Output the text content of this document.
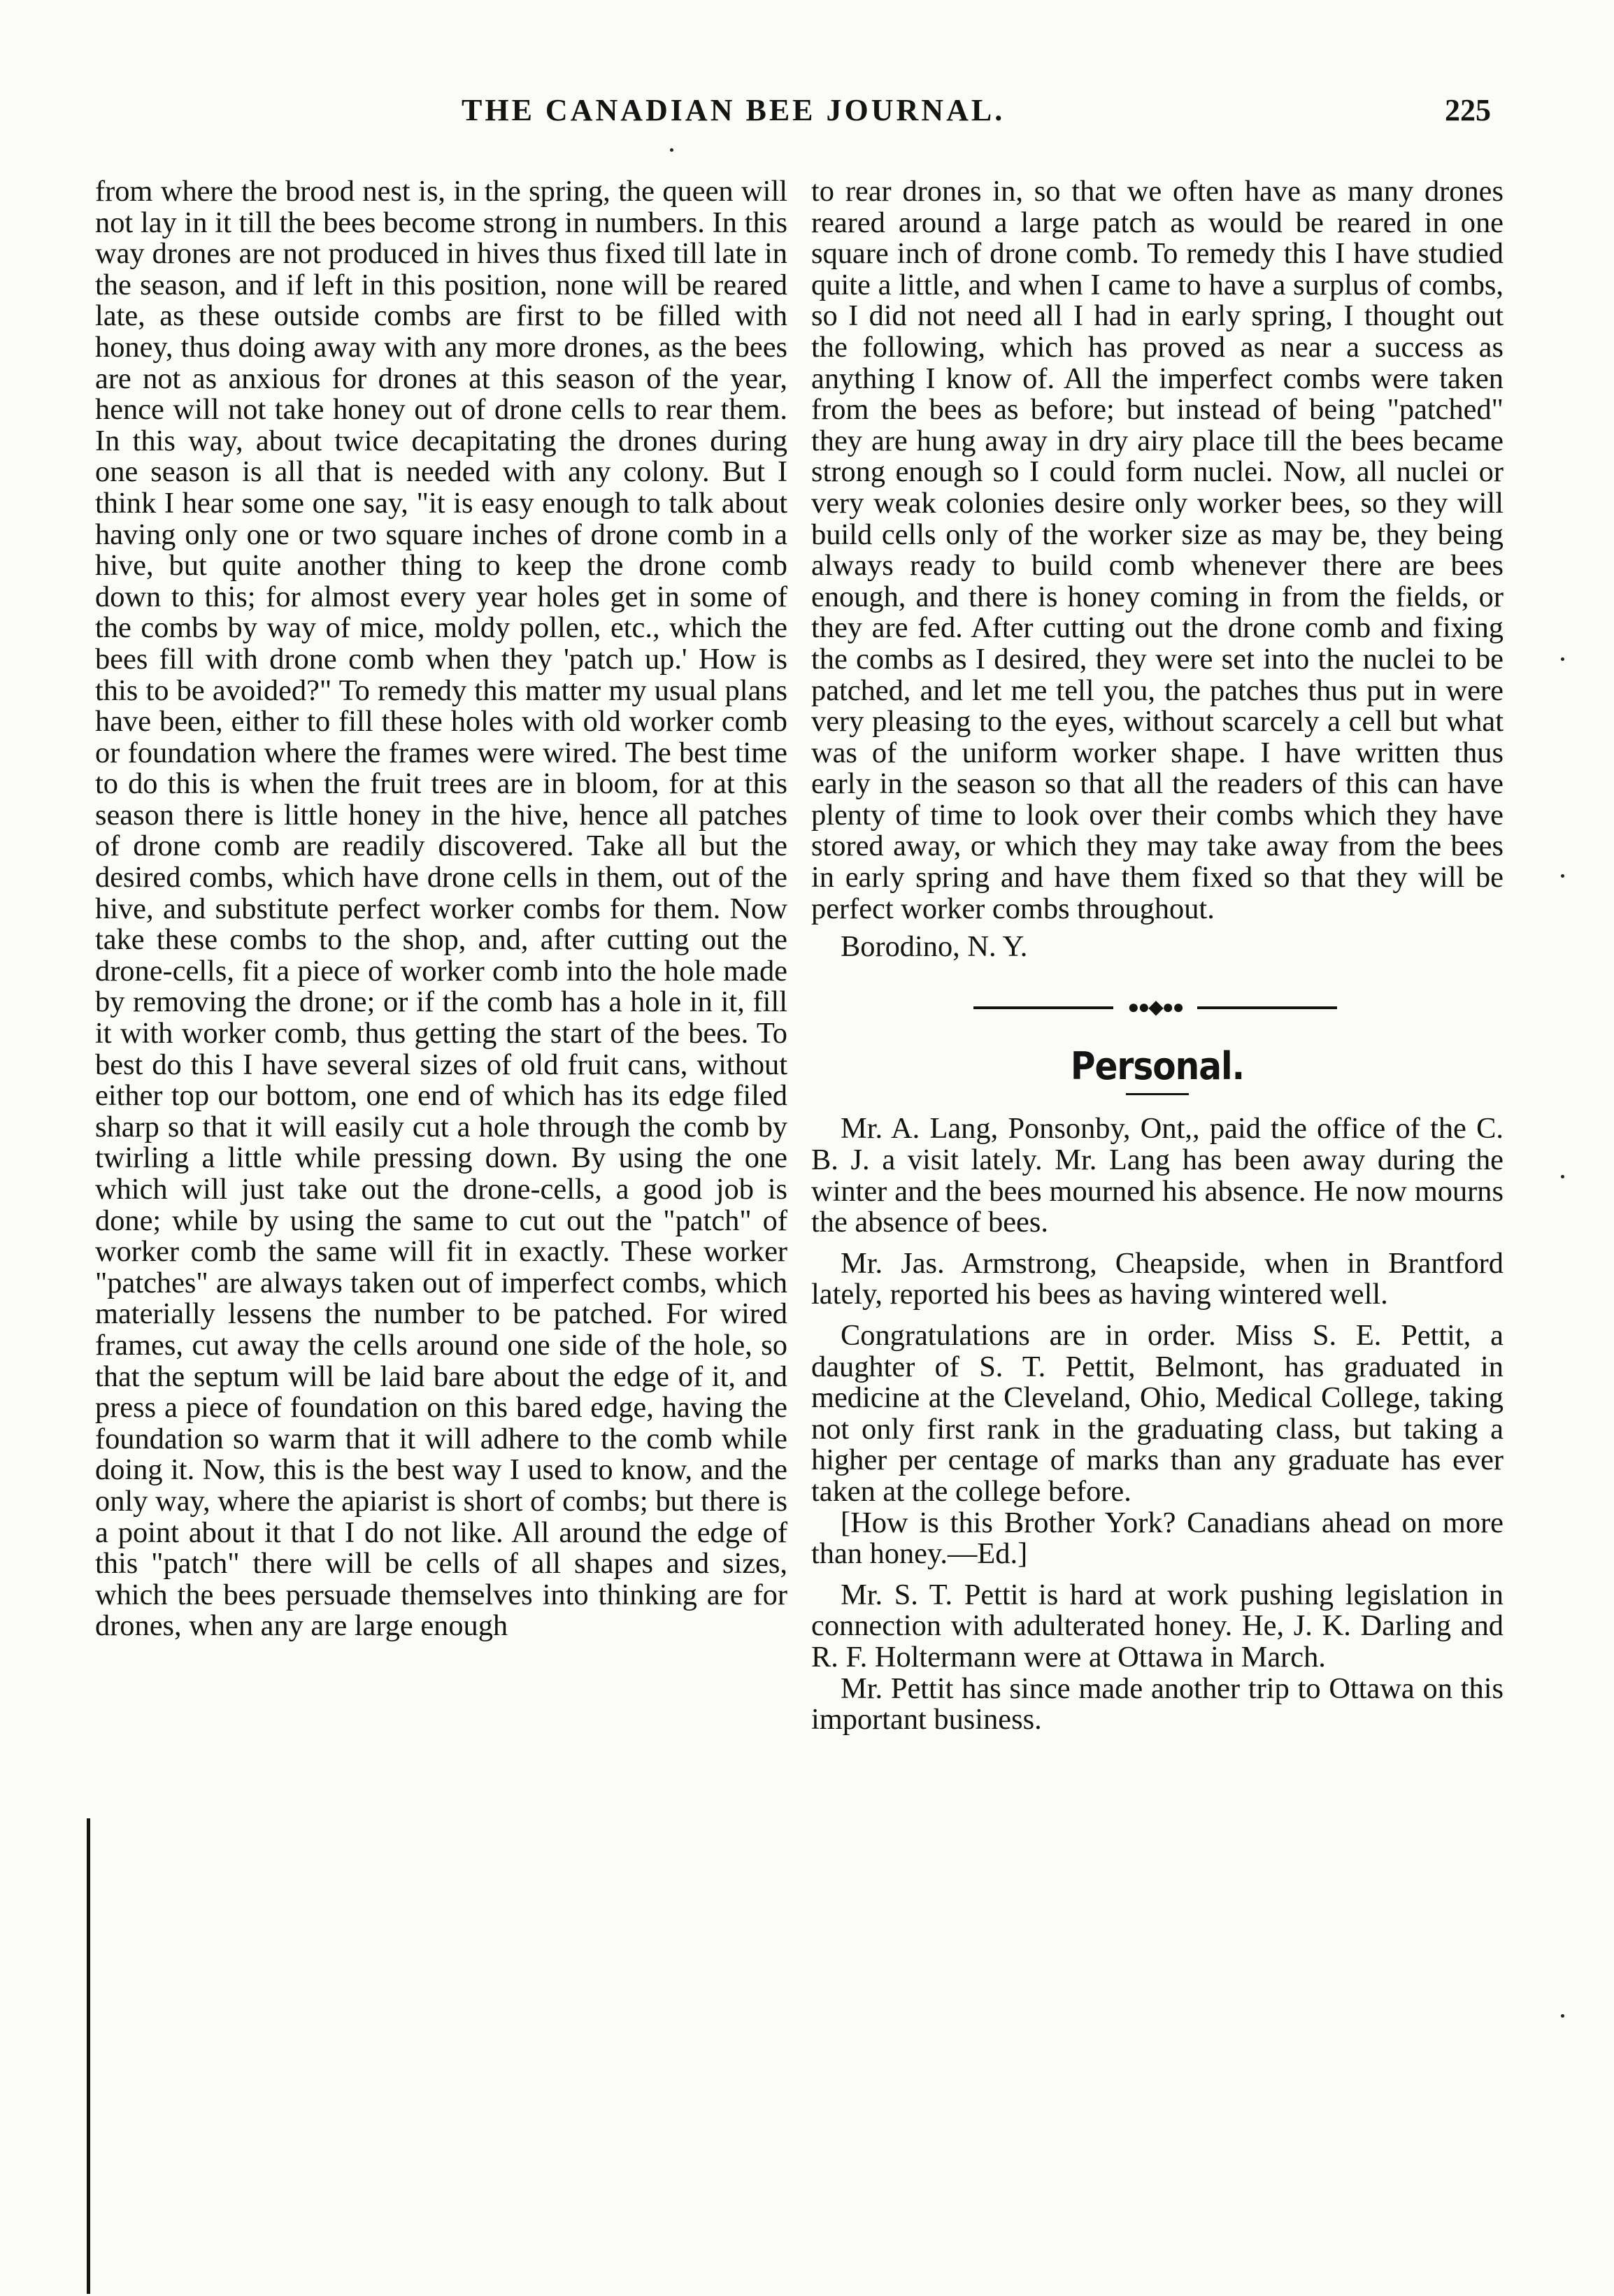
THE CANADIAN BEE JOURNAL.	225

from where the brood nest is, in the spring, the queen will not lay in it till the bees become strong in numbers. In this way drones are not produced in hives thus fixed till late in the season, and if left in this position, none will be reared late, as these outside combs are first to be filled with honey, thus doing away with any more drones, as the bees are not as anxious for drones at this season of the year, hence will not take honey out of drone cells to rear them. In this way, about twice decapitating the drones during one season is all that is needed with any colony. But I think I hear some one say, "it is easy enough to talk about having only one or two square inches of drone comb in a hive, but quite another thing to keep the drone comb down to this; for almost every year holes get in some of the combs by way of mice, moldy pollen, etc., which the bees fill with drone comb when they 'patch up.' How is this to be avoided?" To remedy this matter my usual plans have been, either to fill these holes with old worker comb or foundation where the frames were wired. The best time to do this is when the fruit trees are in bloom, for at this season there is little honey in the hive, hence all patches of drone comb are readily discovered. Take all but the desired combs, which have drone cells in them, out of the hive, and substitute perfect worker combs for them. Now take these combs to the shop, and, after cutting out the drone-cells, fit a piece of worker comb into the hole made by removing the drone; or if the comb has a hole in it, fill it with worker comb, thus getting the start of the bees. To best do this I have several sizes of old fruit cans, without either top our bottom, one end of which has its edge filed sharp so that it will easily cut a hole through the comb by twirling a little while pressing down. By using the one which will just take out the drone-cells, a good job is done; while by using the same to cut out the "patch" of worker comb the same will fit in exactly. These worker "patches" are always taken out of imperfect combs, which materially lessens the number to be patched. For wired frames, cut away the cells around one side of the hole, so that the septum will be laid bare about the edge of it, and press a piece of foundation on this bared edge, having the foundation so warm that it will adhere to the comb while doing it. Now, this is the best way I used to know, and the only way, where the apiarist is short of combs; but there is a point about it that I do not like. All around the edge of this "patch" there will be cells of all shapes and sizes, which the bees persuade themselves into thinking are for drones, when any are large enough

to rear drones in, so that we often have as many drones reared around a large patch as would be reared in one square inch of drone comb. To remedy this I have studied quite a little, and when I came to have a surplus of combs, so I did not need all I had in early spring, I thought out the following, which has proved as near a success as anything I know of. All the imperfect combs were taken from the bees as before; but instead of being "patched" they are hung away in dry airy place till the bees became strong enough so I could form nuclei. Now, all nuclei or very weak colonies desire only worker bees, so they will build cells only of the worker size as may be, they being always ready to build comb whenever there are bees enough, and there is honey coming in from the fields, or they are fed. After cutting out the drone comb and fixing the combs as I desired, they were set into the nuclei to be patched, and let me tell you, the patches thus put in were very pleasing to the eyes, without scarcely a cell but what was of the uniform worker shape. I have written thus early in the season so that all the readers of this can have plenty of time to look over their combs which they have stored away, or which they may take away from the bees in early spring and have them fixed so that they will be perfect worker combs throughout.

Borodino, N. Y.

●●◆●●
Personal.

Mr. A. Lang, Ponsonby, Ont,, paid the office of the C. B. J. a visit lately. Mr. Lang has been away during the winter and the bees mourned his absence. He now mourns the absence of bees.

Mr. Jas. Armstrong, Cheapside, when in Brantford lately, reported his bees as having wintered well.

Congratulations are in order. Miss S. E. Pettit, a daughter of S. T. Pettit, Belmont, has graduated in medicine at the Cleveland, Ohio, Medical College, taking not only first rank in the graduating class, but taking a higher per centage of marks than any graduate has ever taken at the college before.

[How is this Brother York? Canadians ahead on more than honey.—Ed.]

Mr. S. T. Pettit is hard at work pushing legislation in connection with adulterated honey. He, J. K. Darling and R. F. Holtermann were at Ottawa in March.

Mr. Pettit has since made another trip to Ottawa on this important business.
